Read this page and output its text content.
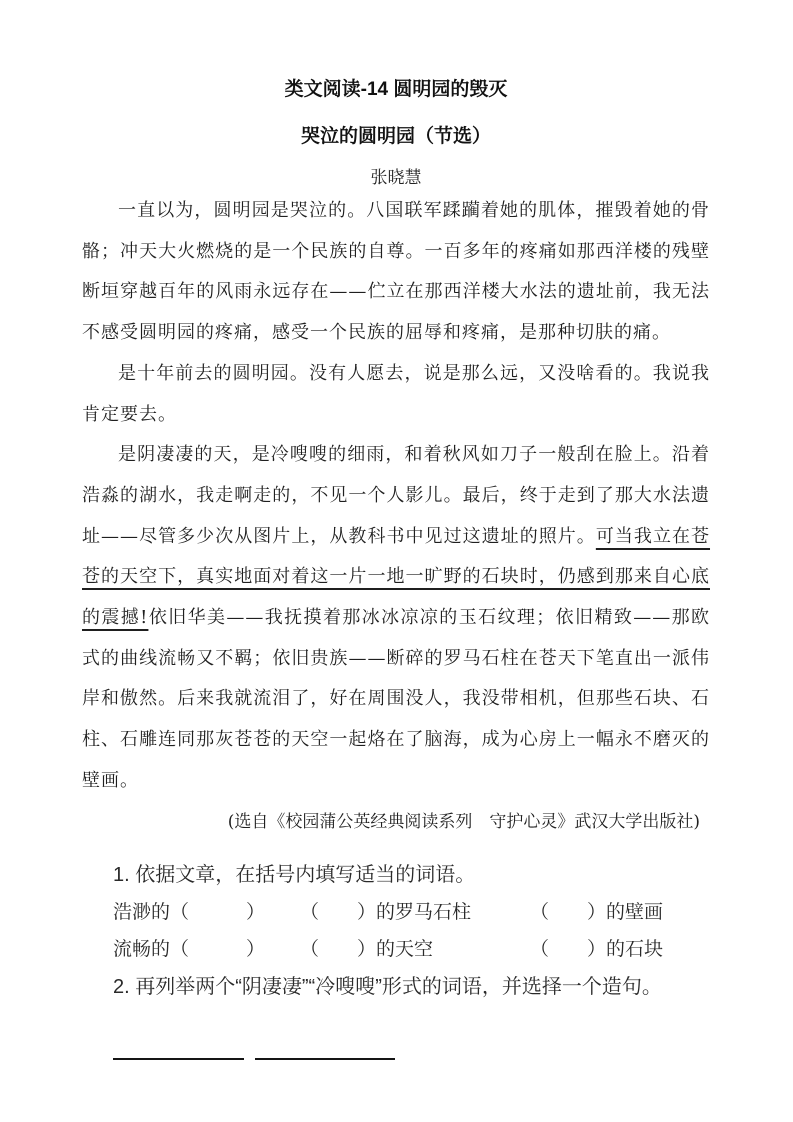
类文阅读-14 圆明园的毁灭
哭泣的圆明园（节选）
张晓慧

一直以为，圆明园是哭泣的。八国联军蹂躏着她的肌体，摧毁着她的骨骼；冲天大火燃烧的是一个民族的自尊。一百多年的疼痛如那西洋楼的残壁断垣穿越百年的风雨永远存在——伫立在那西洋楼大水法的遗址前，我无法不感受圆明园的疼痛，感受一个民族的屈辱和疼痛，是那种切肤的痛。

是十年前去的圆明园。没有人愿去，说是那么远，又没啥看的。我说我肯定要去。

是阴凄凄的天，是冷嗖嗖的细雨，和着秋风如刀子一般刮在脸上。沿着浩淼的湖水，我走啊走的，不见一个人影儿。最后，终于走到了那大水法遗址——尽管多少次从图片上，从教科书中见过这遗址的照片。可当我立在苍苍的天空下，真实地面对着这一片一地一旷野的石块时，仍感到那来自心底的震撼!依旧华美——我抚摸着那冰冰凉凉的玉石纹理；依旧精致——那欧式的曲线流畅又不羁；依旧贵族——断碎的罗马石柱在苍天下笔直出一派伟岸和傲然。后来我就流泪了，好在周围没人，我没带相机，但那些石块、石柱、石雕连同那灰苍苍的天空一起烙在了脑海，成为心房上一幅永不磨灭的壁画。

(选自《校园蒲公英经典阅读系列　守护心灵》武汉大学出版社)

1. 依据文章，在括号内填写适当的词语。

浩渺的（　　　）	（　　）的罗马石柱	（　　）的壁画
流畅的（　　　）	（　　）的天空	（　　）的石块

2. 再列举两个“阴凄凄”“冷嗖嗖”形式的词语，并选择一个造句。
